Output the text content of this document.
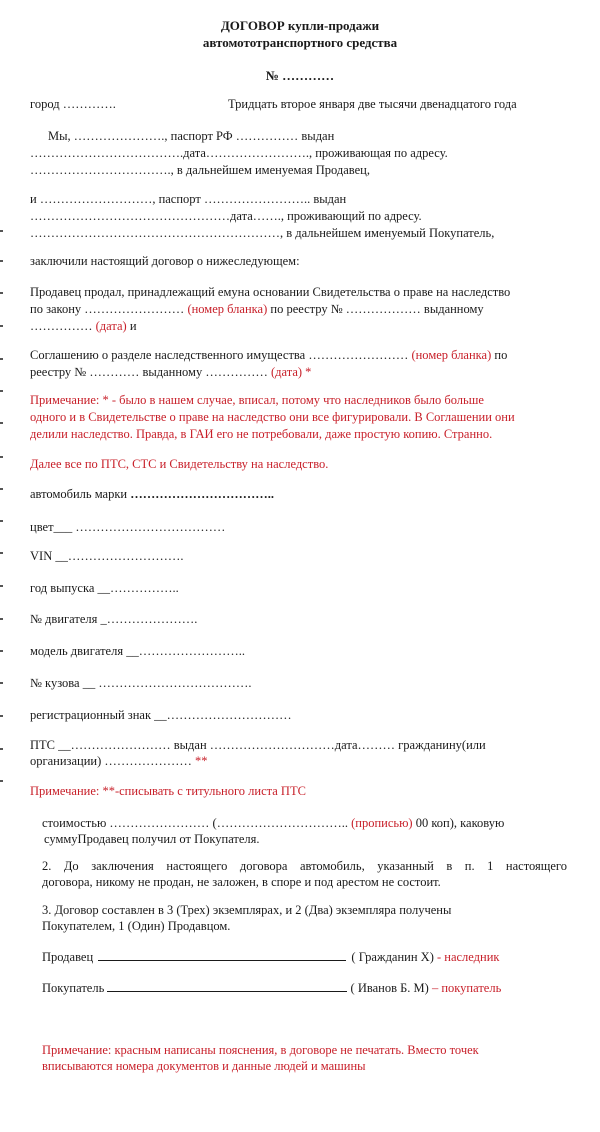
ДОГОВОР купли-продажи
автомототранспортного средства
№ …………
город ………….	Тридцать второе января две тысячи двенадцатого года
Мы, …………………., паспорт РФ …………… выдан
……………………………….дата……………………., проживающая по адресу.
……………………………., в дальнейшем именуемая Продавец,
и ………………………, паспорт …………………….. выдан
…………………………………………дата……., проживающий по адресу.
……………………………………………………, в дальнейшем именуемый Покупатель,
заключили настоящий договор о нижеследующем:
Продавец продал, принадлежащий емуна основании Свидетельства о праве на наследство
по закону …………………… (номер бланка) по реестру № ……………… выданному
…………… (дата) и
Соглашению о разделе наследственного имущества …………………… (номер бланка) по
реестру № ………… выданному …………… (дата) *
Примечание: * - было в нашем случае, вписал, потому что наследников было больше
одного и в Свидетельстве о праве на наследство они все фигурировали. В Соглашении они
делили наследство. Правда, в ГАИ его не потребовали, даже простую копию. Странно.
Далее все по ПТС, СТС и Свидетельству на наследство.
автомобиль марки ……………………………..
цвет___ ………………………………
VIN __……………………….
год выпуска __……………..
№ двигателя _………………….
модель двигателя __……………………..
№ кузова __ ……………………………….
регистрационный знак __…………………………
ПТС __…………………… выдан …………………………дата……… гражданину(или
организации) ………………… **
Примечание: **-списывать с титульного листа ПТС
стоимостью …………………… (………………………….. (прописью) 00 коп), каковую
суммуПродавец получил от Покупателя.
2. До заключения настоящего договора автомобиль, указанный в п. 1 настоящего
договора, никому не продан, не заложен, в споре и под арестом не состоит.
3. Договор составлен в 3 (Трех) экземплярах, и 2 (Два) экземпляра получены
Покупателем, 1 (Один) Продавцом.
Продавец	( Гражданин Х) - наследник
Покупатель	( Иванов Б. М) – покупатель
Примечание: красным написаны пояснения, в договоре не печатать. Вместо точек
вписываются номера документов и данные людей и машины
